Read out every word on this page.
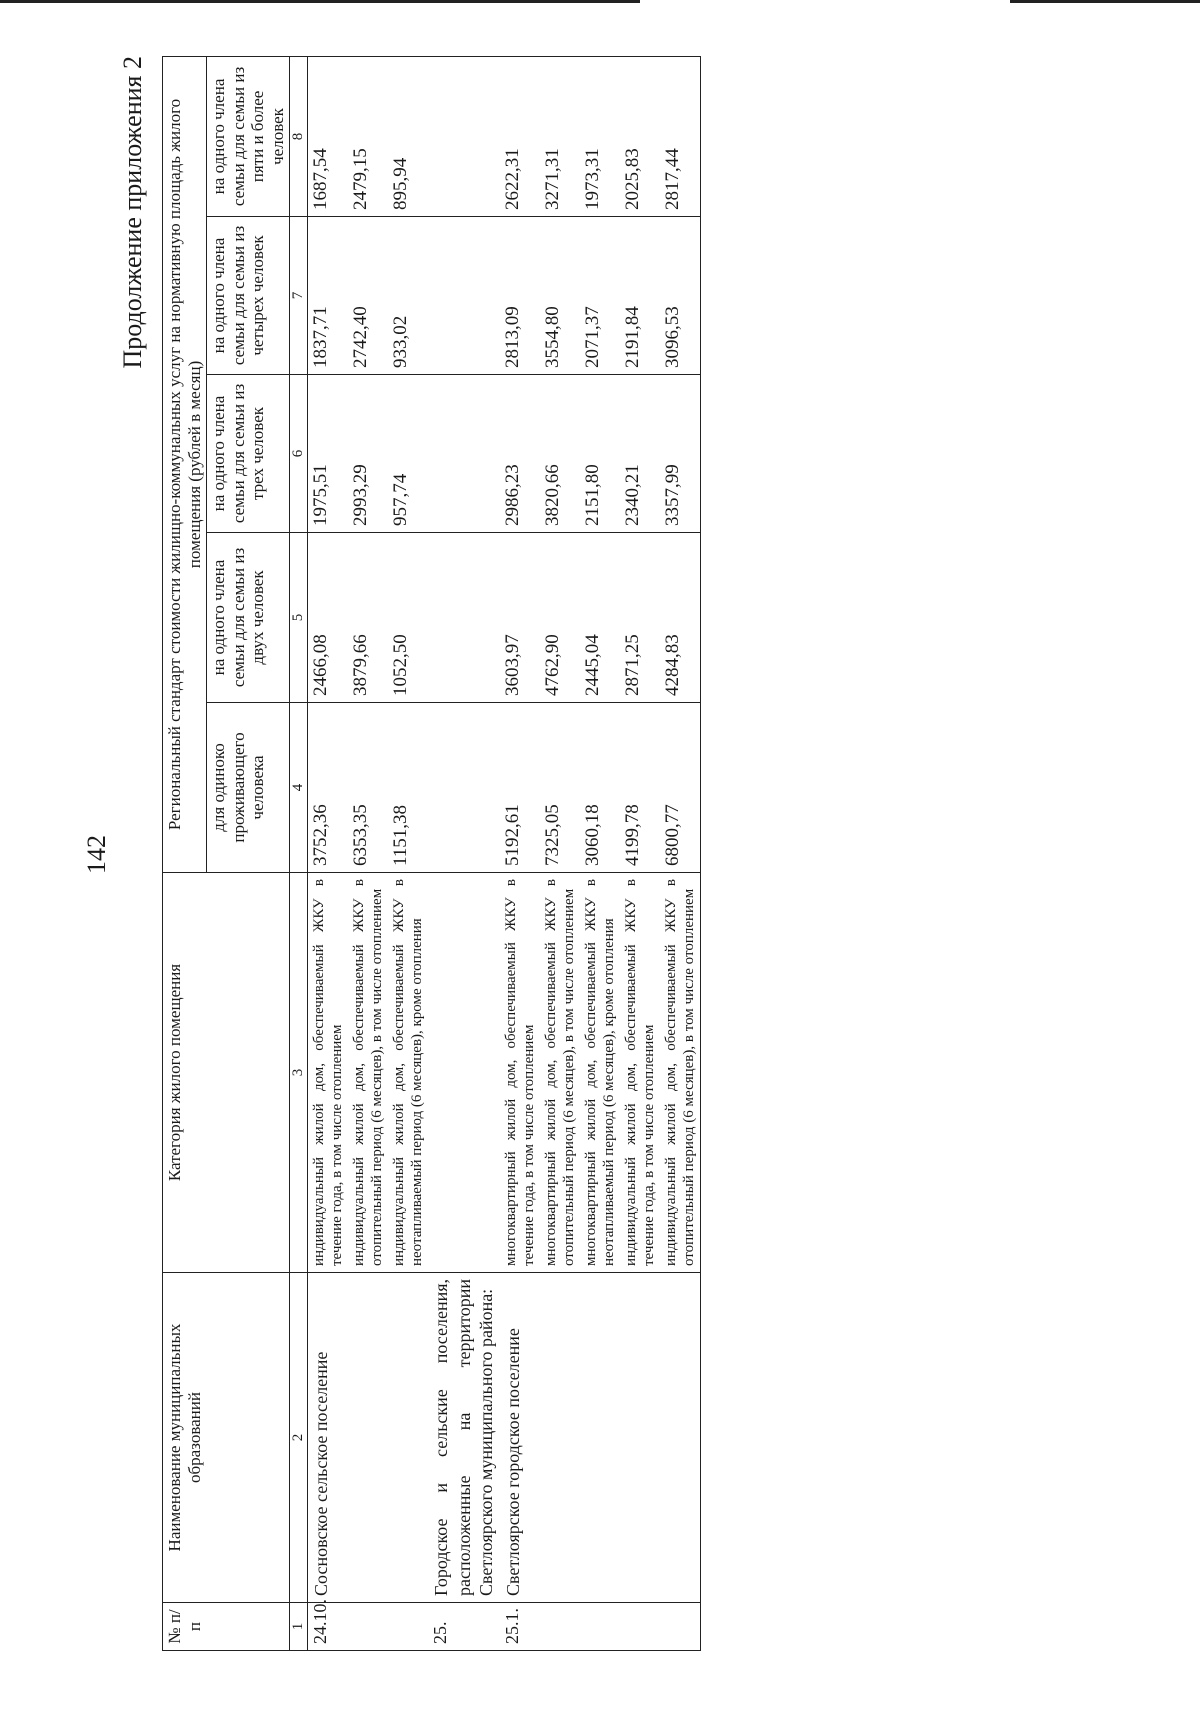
142
Продолжение приложения 2
№ п/п	Наименование муниципальных образований	Категория жилого помещения	Региональный стандарт стоимости жилищно-коммунальных услуг на нормативную площадь жилого помещения (рублей в месяц)				
			для одиноко проживающего человека	на одного члена семьи для семьи из двух человек	на одного члена семьи для семьи из трех человек	на одного члена семьи для семьи из четырех человек	на одного члена семьи для семьи из пяти и более человек
1	2	3	4	5	6	7	8
24.10.	Сосновское сельское поселение	индивидуальный жилой дом, обеспечиваемый ЖКУ в течение года, в том числе отоплением	3752,36	2466,08	1975,51	1837,71	1687,54
		индивидуальный жилой дом, обеспечиваемый ЖКУ в отопительный период (6 месяцев), в том числе отоплением	6353,35	3879,66	2993,29	2742,40	2479,15
		индивидуальный жилой дом, обеспечиваемый ЖКУ в неотапливаемый период (6 месяцев), кроме отопления	1151,38	1052,50	957,74	933,02	895,94
25.	Городское и сельские поселения, расположенные на территории Светлоярского муниципального района:						
25.1.	Светлоярское городское поселение	многоквартирный жилой дом, обеспечиваемый ЖКУ в течение года, в том числе отоплением	5192,61	3603,97	2986,23	2813,09	2622,31
		многоквартирный жилой дом, обеспечиваемый ЖКУ в отопительный период (6 месяцев), в том числе отоплением	7325,05	4762,90	3820,66	3554,80	3271,31
		многоквартирный жилой дом, обеспечиваемый ЖКУ в неотапливаемый период (6 месяцев), кроме отопления	3060,18	2445,04	2151,80	2071,37	1973,31
		индивидуальный жилой дом, обеспечиваемый ЖКУ в течение года, в том числе отоплением	4199,78	2871,25	2340,21	2191,84	2025,83
		индивидуальный жилой дом, обеспечиваемый ЖКУ в отопительный период (6 месяцев), в том числе отоплением	6800,77	4284,83	3357,99	3096,53	2817,44
